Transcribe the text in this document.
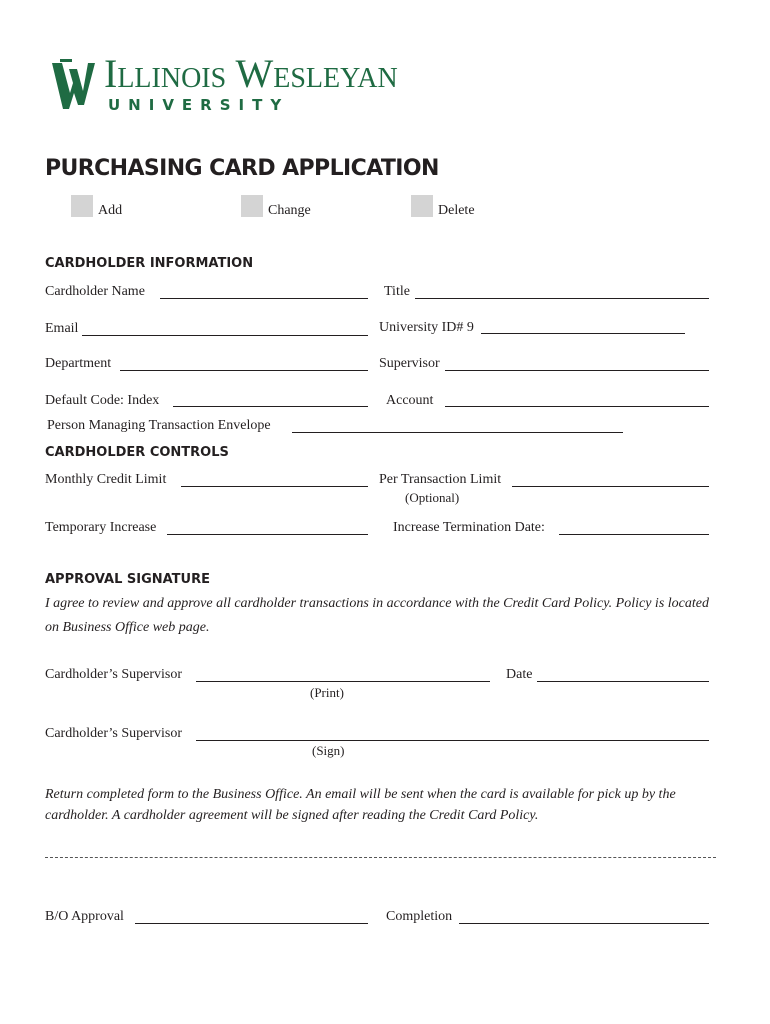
Illinois Wesleyan
UNIVERSITY
PURCHASING CARD APPLICATION
Add	Change	Delete
CARDHOLDER INFORMATION
Cardholder Name	Title
Email	University ID# 9
Department	Supervisor
Default Code: Index	Account
Person Managing Transaction Envelope
CARDHOLDER CONTROLS
Monthly Credit Limit	Per Transaction Limit
(Optional)
Temporary Increase	Increase Termination Date:
APPROVAL SIGNATURE
I agree to review and approve all cardholder transactions in accordance with the Credit Card Policy. Policy is located
on Business Office web page.
Cardholder’s Supervisor	Date
(Print)
Cardholder’s Supervisor
(Sign)
Return completed form to the Business Office. An email will be sent when the card is available for pick up by the
cardholder. A cardholder agreement will be signed after reading the Credit Card Policy.
B/O Approval	Completion
